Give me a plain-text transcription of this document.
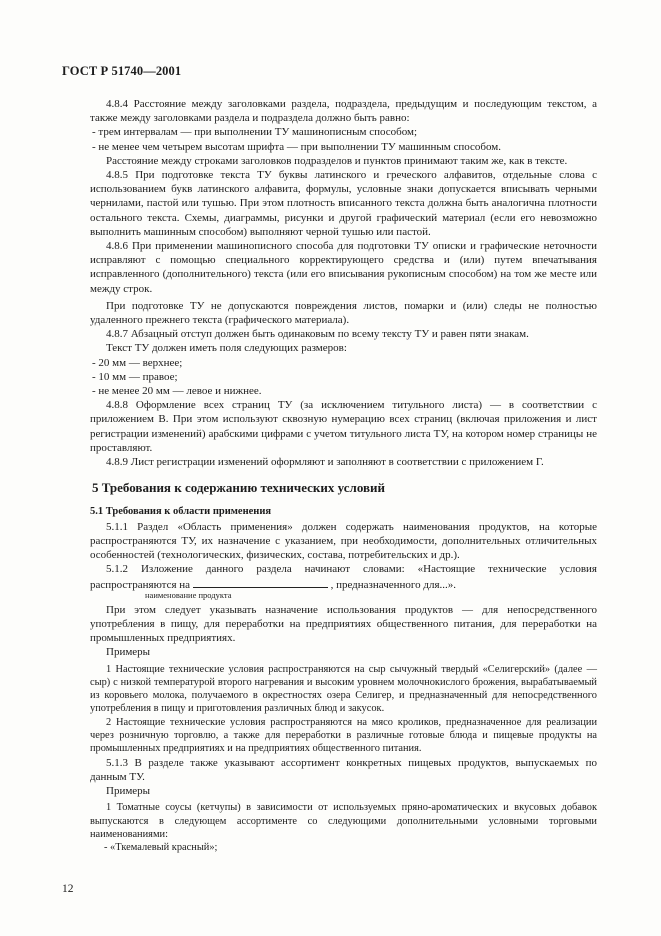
ГОСТ Р 51740—2001

4.8.4 Расстояние между заголовками раздела, подраздела, предыдущим и последующим текстом, а также между заголовками раздела и подраздела должно быть равно:

- трем интервалам — при выполнении ТУ машинописным способом;

- не менее чем четырем высотам шрифта — при выполнении ТУ машинным способом.

Расстояние между строками заголовков подразделов и пунктов принимают таким же, как в тексте.

4.8.5 При подготовке текста ТУ буквы латинского и греческого алфавитов, отдельные слова с использованием букв латинского алфавита, формулы, условные знаки допускается вписывать черными чернилами, пастой или тушью. При этом плотность вписанного текста должна быть аналогична плотности остального текста. Схемы, диаграммы, рисунки и другой графический материал (если его невозможно выполнить машинным способом) выполняют черной тушью или пастой.

4.8.6 При применении машинописного способа для подготовки ТУ описки и графические неточности исправляют с помощью специального корректирующего средства и (или) путем впечатывания исправленного (дополнительного) текста (или его вписывания рукописным способом) на том же месте или между строк.

При подготовке ТУ не допускаются повреждения листов, помарки и (или) следы не полностью удаленного прежнего текста (графического материала).

4.8.7 Абзацный отступ должен быть одинаковым по всему тексту ТУ и равен пяти знакам.

Текст ТУ должен иметь поля следующих размеров:

- 20 мм — верхнее;

- 10 мм — правое;

- не менее 20 мм — левое и нижнее.

4.8.8 Оформление всех страниц ТУ (за исключением титульного листа) — в соответствии с приложением В. При этом используют сквозную нумерацию всех страниц (включая приложения и лист регистрации изменений) арабскими цифрами с учетом титульного листа ТУ, на котором номер страницы не проставляют.

4.8.9 Лист регистрации изменений оформляют и заполняют в соответствии с приложением Г.

5 Требования к содержанию технических условий

5.1 Требования к области применения

5.1.1 Раздел «Область применения» должен содержать наименования продуктов, на которые распространяются ТУ, их назначение с указанием, при необходимости, дополнительных отличительных особенностей (технологических, физических, состава, потребительских и др.).

5.1.2 Изложение данного раздела начинают словами: «Настоящие технические условия распространяются на	, предназначенного для...».

наименование продукта

При этом следует указывать назначение использования продуктов — для непосредственного употребления в пищу, для переработки на предприятиях общественного питания, для переработки на промышленных предприятиях.

Примеры

1 Настоящие технические условия распространяются на сыр сычужный твердый «Селигерский» (далее — сыр) с низкой температурой второго нагревания и высоким уровнем молочнокислого брожения, вырабатываемый из коровьего молока, получаемого в окрестностях озера Селигер, и предназначенный для непосредственного употребления в пищу и приготовления различных блюд и закусок.

2 Настоящие технические условия распространяются на мясо кроликов, предназначенное для реализации через розничную торговлю, а также для переработки в различные готовые блюда и пищевые продукты на промышленных предприятиях и на предприятиях общественного питания.

5.1.3 В разделе также указывают ассортимент конкретных пищевых продуктов, выпускаемых по данным ТУ.

Примеры

1 Томатные соусы (кетчупы) в зависимости от используемых пряно-ароматических и вкусовых добавок выпускаются в следующем ассортименте со следующими дополнительными условными торговыми наименованиями:

- «Ткемалевый красный»;

12
